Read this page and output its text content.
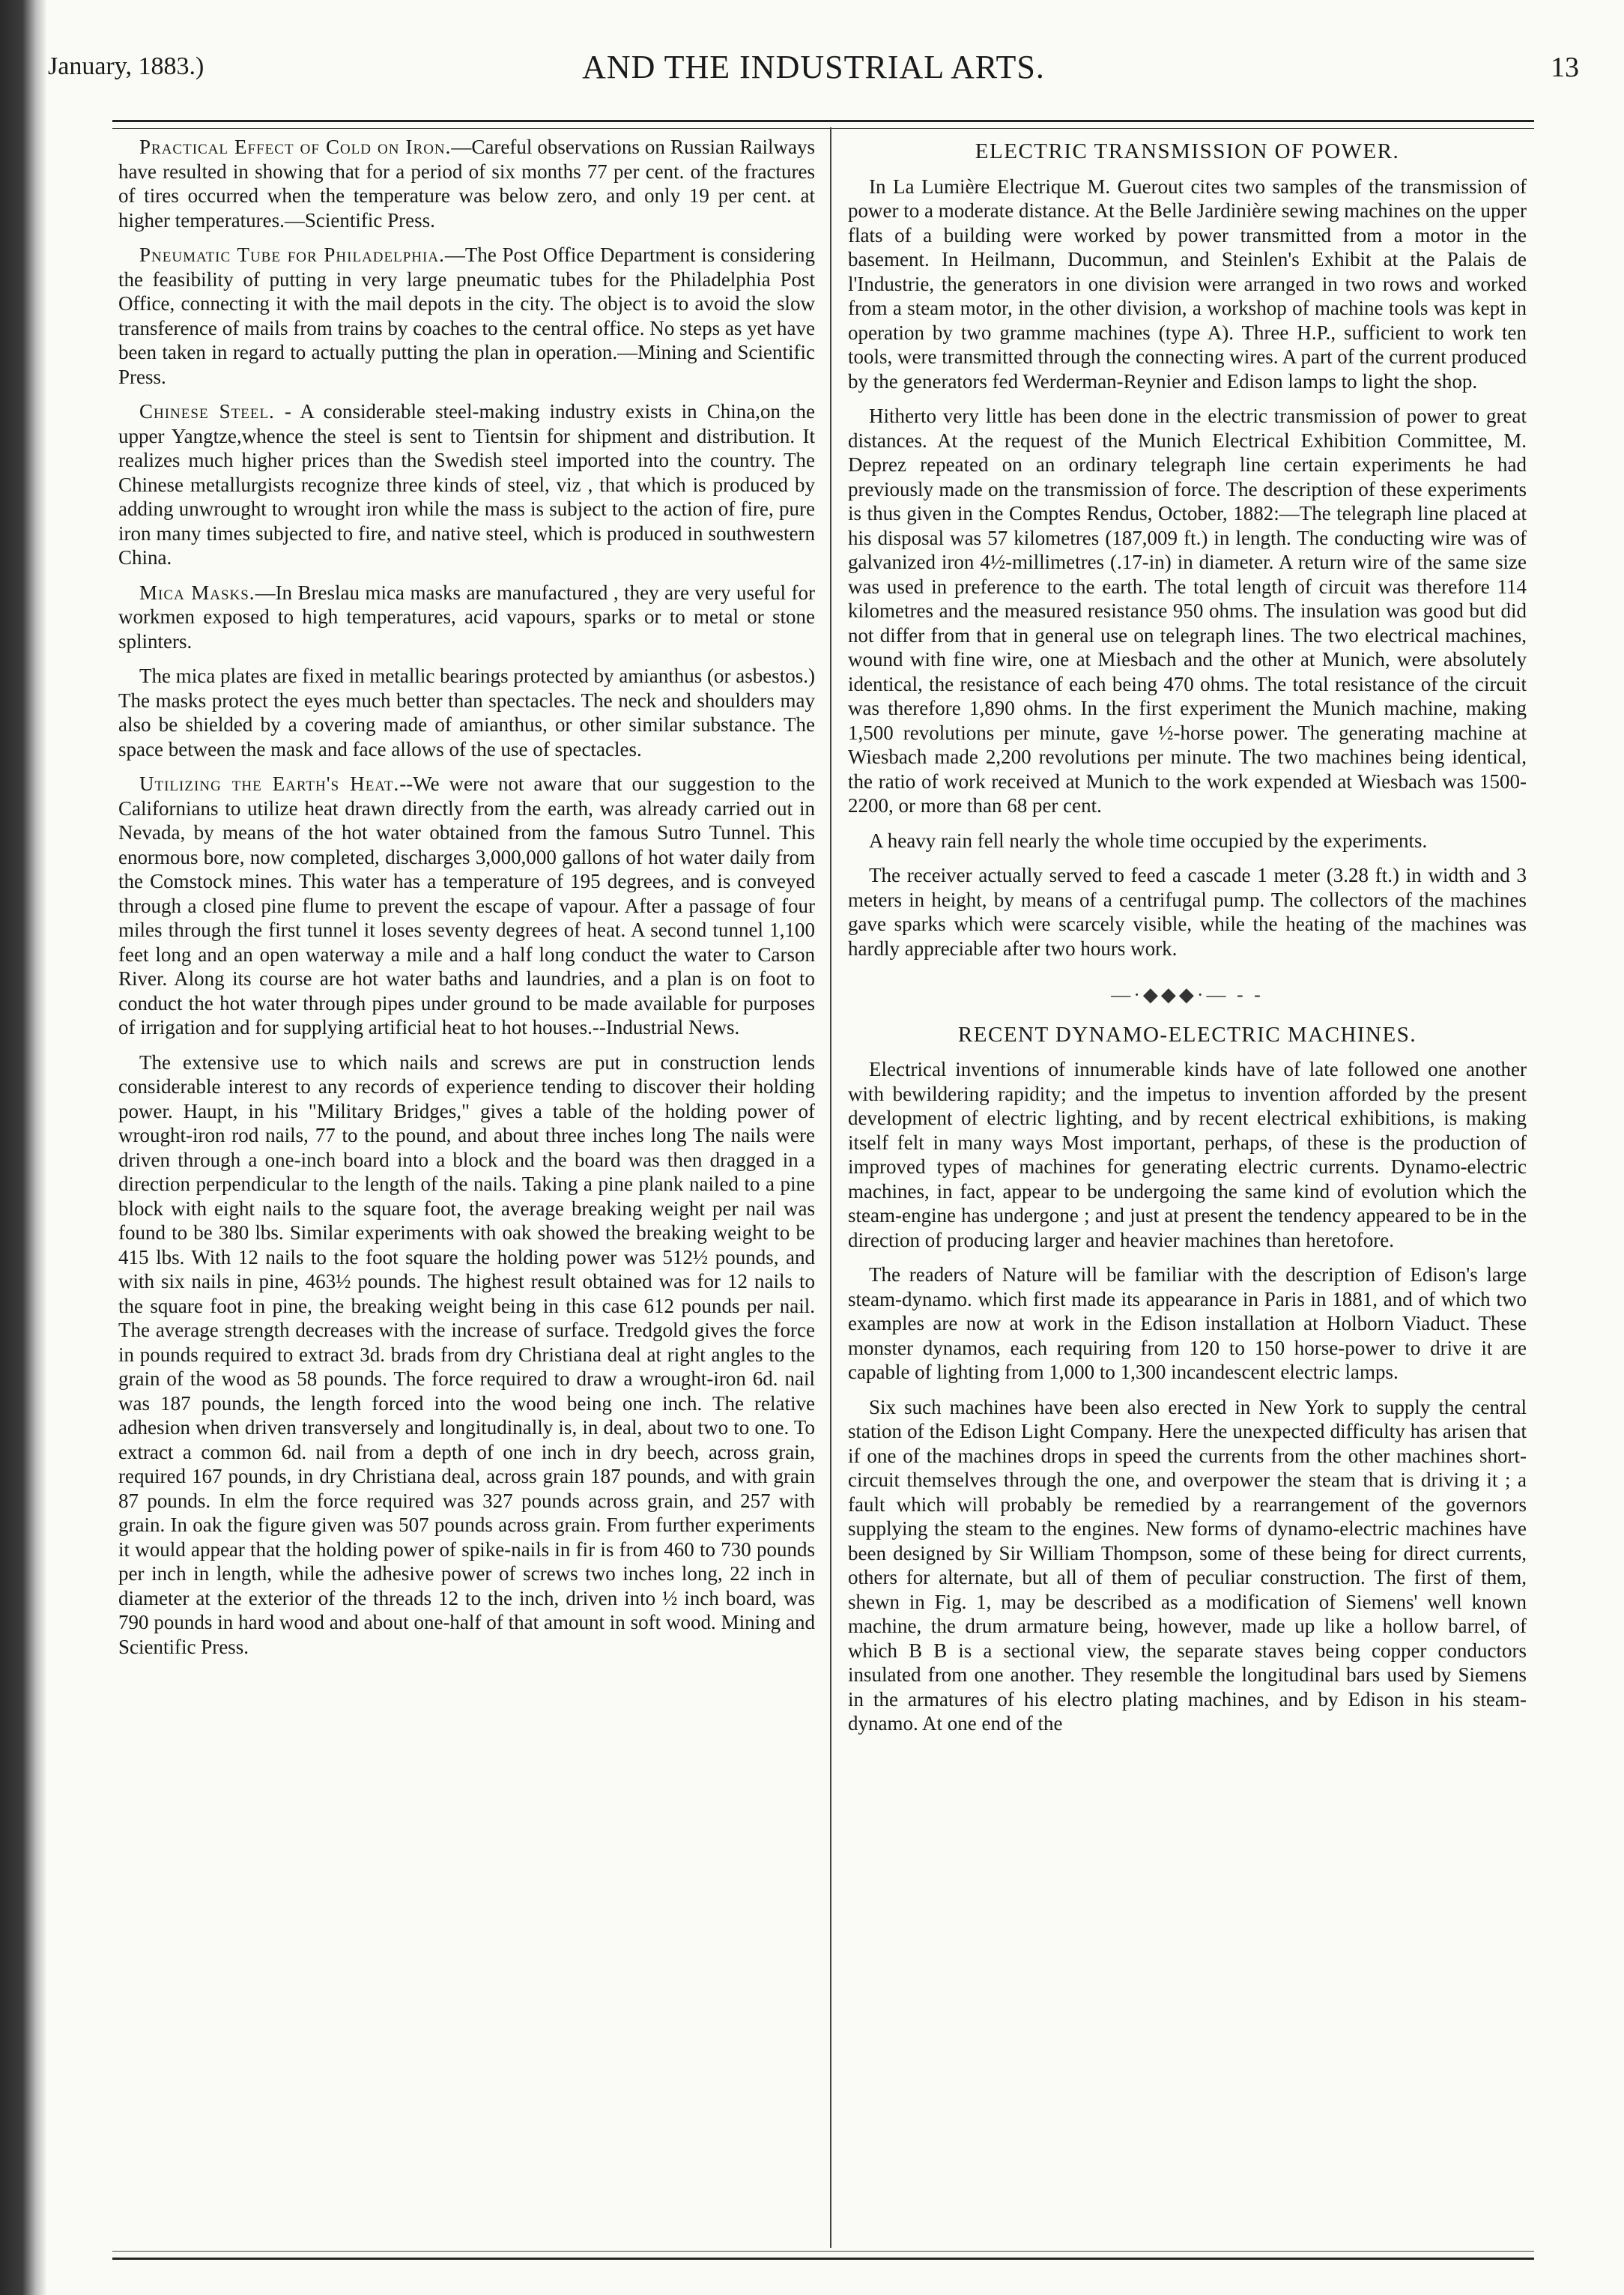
January, 1883.)	AND THE INDUSTRIAL ARTS.	13

Practical Effect of Cold on Iron.—Careful observations on Russian Railways have resulted in showing that for a period of six months 77 per cent. of the fractures of tires occurred when the temperature was below zero, and only 19 per cent. at higher temperatures.—Scientific Press.

Pneumatic Tube for Philadelphia.—The Post Office Department is considering the feasibility of putting in very large pneumatic tubes for the Philadelphia Post Office, connecting it with the mail depots in the city. The object is to avoid the slow transference of mails from trains by coaches to the central office. No steps as yet have been taken in regard to actually putting the plan in operation.—Mining and Scientific Press.

Chinese Steel. - A considerable steel-making industry exists in China,on the upper Yangtze,whence the steel is sent to Tientsin for shipment and distribution. It realizes much higher prices than the Swedish steel imported into the country. The Chinese metallurgists recognize three kinds of steel, viz , that which is produced by adding unwrought to wrought iron while the mass is subject to the action of fire, pure iron many times subjected to fire, and native steel, which is produced in southwestern China.

Mica Masks.—In Breslau mica masks are manufactured , they are very useful for workmen exposed to high temperatures, acid vapours, sparks or to metal or stone splinters.

The mica plates are fixed in metallic bearings protected by amianthus (or asbestos.) The masks protect the eyes much better than spectacles. The neck and shoulders may also be shielded by a covering made of amianthus, or other similar substance. The space between the mask and face allows of the use of spectacles.

Utilizing the Earth's Heat.--We were not aware that our suggestion to the Californians to utilize heat drawn directly from the earth, was already carried out in Nevada, by means of the hot water obtained from the famous Sutro Tunnel. This enormous bore, now completed, discharges 3,000,000 gallons of hot water daily from the Comstock mines. This water has a temperature of 195 degrees, and is conveyed through a closed pine flume to prevent the escape of vapour. After a passage of four miles through the first tunnel it loses seventy degrees of heat. A second tunnel 1,100 feet long and an open waterway a mile and a half long conduct the water to Carson River. Along its course are hot water baths and laundries, and a plan is on foot to conduct the hot water through pipes under ground to be made available for purposes of irrigation and for supplying artificial heat to hot houses.--Industrial News.

The extensive use to which nails and screws are put in construction lends considerable interest to any records of experience tending to discover their holding power. Haupt, in his "Military Bridges," gives a table of the holding power of wrought-iron rod nails, 77 to the pound, and about three inches long The nails were driven through a one-inch board into a block and the board was then dragged in a direction perpendicular to the length of the nails. Taking a pine plank nailed to a pine block with eight nails to the square foot, the average breaking weight per nail was found to be 380 lbs. Similar experiments with oak showed the breaking weight to be 415 lbs. With 12 nails to the foot square the holding power was 512½ pounds, and with six nails in pine, 463½ pounds. The highest result obtained was for 12 nails to the square foot in pine, the breaking weight being in this case 612 pounds per nail. The average strength decreases with the increase of surface. Tredgold gives the force in pounds required to extract 3d. brads from dry Christiana deal at right angles to the grain of the wood as 58 pounds. The force required to draw a wrought-iron 6d. nail was 187 pounds, the length forced into the wood being one inch. The relative adhesion when driven transversely and longitudinally is, in deal, about two to one. To extract a common 6d. nail from a depth of one inch in dry beech, across grain, required 167 pounds, in dry Christiana deal, across grain 187 pounds, and with grain 87 pounds. In elm the force required was 327 pounds across grain, and 257 with grain. In oak the figure given was 507 pounds across grain. From further experiments it would appear that the holding power of spike-nails in fir is from 460 to 730 pounds per inch in length, while the adhesive power of screws two inches long, 22 inch in diameter at the exterior of the threads 12 to the inch, driven into ½ inch board, was 790 pounds in hard wood and about one-half of that amount in soft wood. Mining and Scientific Press.

ELECTRIC TRANSMISSION OF POWER.

In La Lumière Electrique M. Guerout cites two samples of the transmission of power to a moderate distance. At the Belle Jardinière sewing machines on the upper flats of a building were worked by power transmitted from a motor in the basement. In Heilmann, Ducommun, and Steinlen's Exhibit at the Palais de l'Industrie, the generators in one division were arranged in two rows and worked from a steam motor, in the other division, a workshop of machine tools was kept in operation by two gramme machines (type A). Three H.P., sufficient to work ten tools, were transmitted through the connecting wires. A part of the current produced by the generators fed Werderman-Reynier and Edison lamps to light the shop.

Hitherto very little has been done in the electric transmission of power to great distances. At the request of the Munich Electrical Exhibition Committee, M. Deprez repeated on an ordinary telegraph line certain experiments he had previously made on the transmission of force. The description of these experiments is thus given in the Comptes Rendus, October, 1882:—The telegraph line placed at his disposal was 57 kilometres (187,009 ft.) in length. The conducting wire was of galvanized iron 4½-millimetres (.17-in) in diameter. A return wire of the same size was used in preference to the earth. The total length of circuit was therefore 114 kilometres and the measured resistance 950 ohms. The insulation was good but did not differ from that in general use on telegraph lines. The two electrical machines, wound with fine wire, one at Miesbach and the other at Munich, were absolutely identical, the resistance of each being 470 ohms. The total resistance of the circuit was therefore 1,890 ohms. In the first experiment the Munich machine, making 1,500 revolutions per minute, gave ½-horse power. The generating machine at Wiesbach made 2,200 revolutions per minute. The two machines being identical, the ratio of work received at Munich to the work expended at Wiesbach was 1500-2200, or more than 68 per cent.

A heavy rain fell nearly the whole time occupied by the experiments.

The receiver actually served to feed a cascade 1 meter (3.28 ft.) in width and 3 meters in height, by means of a centrifugal pump. The collectors of the machines gave sparks which were scarcely visible, while the heating of the machines was hardly appreciable after two hours work.

—·◆◆◆·— - -
RECENT DYNAMO-ELECTRIC MACHINES.

Electrical inventions of innumerable kinds have of late followed one another with bewildering rapidity; and the impetus to invention afforded by the present development of electric lighting, and by recent electrical exhibitions, is making itself felt in many ways Most important, perhaps, of these is the production of improved types of machines for generating electric currents. Dynamo-electric machines, in fact, appear to be undergoing the same kind of evolution which the steam-engine has undergone ; and just at present the tendency appeared to be in the direction of producing larger and heavier machines than heretofore.

The readers of Nature will be familiar with the description of Edison's large steam-dynamo. which first made its appearance in Paris in 1881, and of which two examples are now at work in the Edison installation at Holborn Viaduct. These monster dynamos, each requiring from 120 to 150 horse-power to drive it are capable of lighting from 1,000 to 1,300 incandescent electric lamps.

Six such machines have been also erected in New York to supply the central station of the Edison Light Company. Here the unexpected difficulty has arisen that if one of the machines drops in speed the currents from the other machines short-circuit themselves through the one, and overpower the steam that is driving it ; a fault which will probably be remedied by a rearrangement of the governors supplying the steam to the engines. New forms of dynamo-electric machines have been designed by Sir William Thompson, some of these being for direct currents, others for alternate, but all of them of peculiar construction. The first of them, shewn in Fig. 1, may be described as a modification of Siemens' well known machine, the drum armature being, however, made up like a hollow barrel, of which B B is a sectional view, the separate staves being copper conductors insulated from one another. They resemble the longitudinal bars used by Siemens in the armatures of his electro plating machines, and by Edison in his steam-dynamo. At one end of the
